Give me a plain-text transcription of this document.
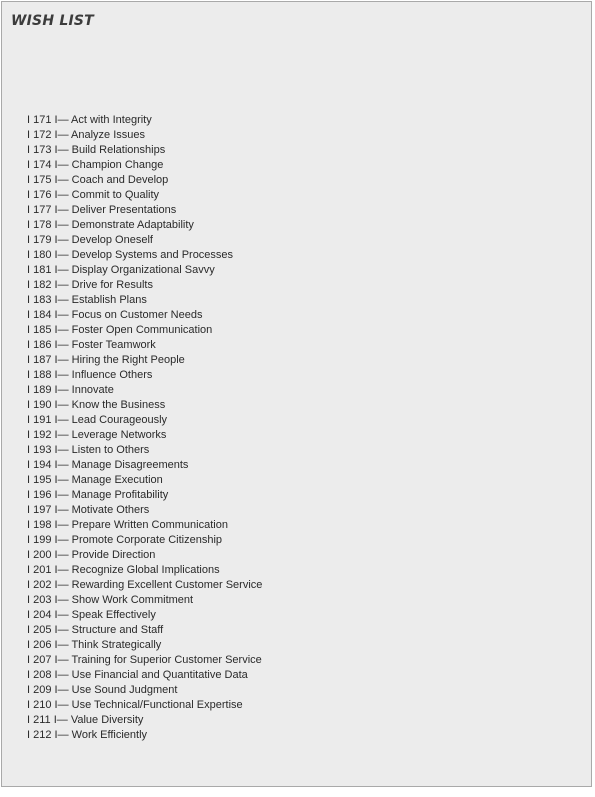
WISH LIST
I 171 I— Act with Integrity
I 172 I— Analyze Issues
I 173 I— Build Relationships
I 174 I— Champion Change
I 175 I— Coach and Develop
I 176 I— Commit to Quality
I 177 I— Deliver Presentations
I 178 I— Demonstrate Adaptability
I 179 I— Develop Oneself
I 180 I— Develop Systems and Processes
I 181 I— Display Organizational Savvy
I 182 I— Drive for Results
I 183 I— Establish Plans
I 184 I— Focus on Customer Needs
I 185 I— Foster Open Communication
I 186 I— Foster Teamwork
I 187 I— Hiring the Right People
I 188 I— Influence Others
I 189 I— Innovate
I 190 I— Know the Business
I 191 I— Lead Courageously
I 192 I— Leverage Networks
I 193 I— Listen to Others
I 194 I— Manage Disagreements
I 195 I— Manage Execution
I 196 I— Manage Profitability
I 197 I— Motivate Others
I 198 I— Prepare Written Communication
I 199 I— Promote Corporate Citizenship
I 200 I— Provide Direction
I 201 I— Recognize Global Implications
I 202 I— Rewarding Excellent Customer Service
I 203 I— Show Work Commitment
I 204 I— Speak Effectively
I 205 I— Structure and Staff
I 206 I— Think Strategically
I 207 I— Training for Superior Customer Service
I 208 I— Use Financial and Quantitative Data
I 209 I— Use Sound Judgment
I 210 I— Use Technical/Functional Expertise
I 211 I— Value Diversity
I 212 I— Work Efficiently
